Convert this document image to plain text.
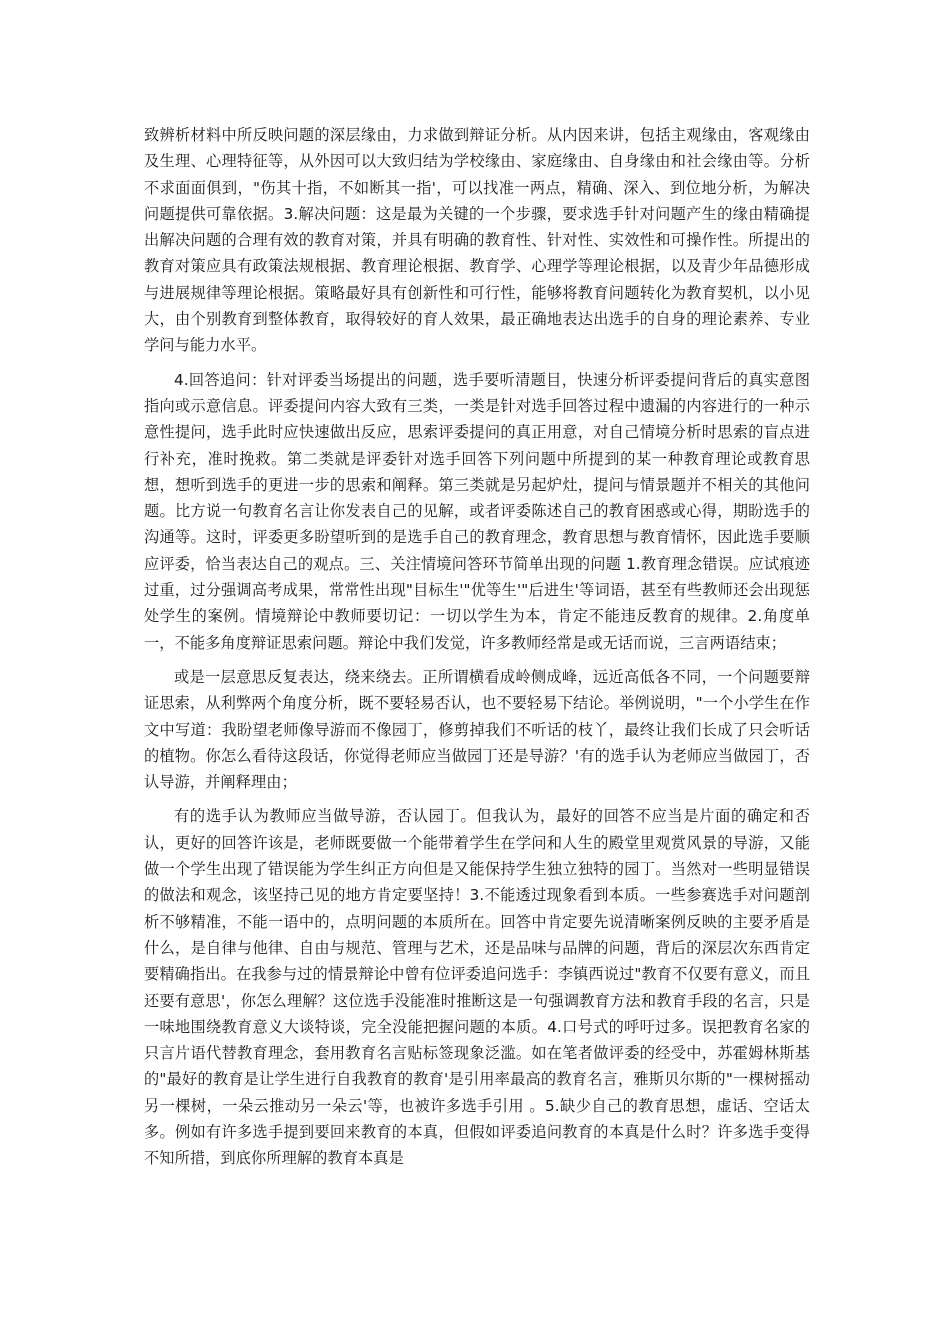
致辨析材料中所反映问题的深层缘由，力求做到辩证分析。从内因来讲，包括主观缘由，客观缘由及生理、心理特征等，从外因可以大致归结为学校缘由、家庭缘由、自身缘由和社会缘由等。分析不求面面俱到，"伤其十指，不如断其一指'，可以找准一两点，精确、深入、到位地分析，为解决问题提供可靠依据。3.解决问题：这是最为关键的一个步骤，要求选手针对问题产生的缘由精确提出解决问题的合理有效的教育对策，并具有明确的教育性、针对性、实效性和可操作性。所提出的教育对策应具有政策法规根据、教育理论根据、教育学、心理学等理论根据，以及青少年品德形成与进展规律等理论根据。策略最好具有创新性和可行性，能够将教育问题转化为教育契机，以小见大，由个别教育到整体教育，取得较好的育人效果，最正确地表达出选手的自身的理论素养、专业学问与能力水平。

4.回答追问：针对评委当场提出的问题，选手要听清题目，快速分析评委提问背后的真实意图指向或示意信息。评委提问内容大致有三类，一类是针对选手回答过程中遗漏的内容进行的一种示意性提问，选手此时应快速做出反应，思索评委提问的真正用意，对自己情境分析时思索的盲点进行补充，准时挽救。第二类就是评委针对选手回答下列问题中所提到的某一种教育理论或教育思想，想听到选手的更进一步的思索和阐释。第三类就是另起炉灶，提问与情景题并不相关的其他问题。比方说一句教育名言让你发表自己的见解，或者评委陈述自己的教育困惑或心得，期盼选手的沟通等。这时，评委更多盼望听到的是选手自己的教育理念，教育思想与教育情怀，因此选手要顺应评委，恰当表达自己的观点。三、关注情境问答环节简单出现的问题 1.教育理念错误。应试痕迹过重，过分强调高考成果，常常性出现"目标生'"优等生'"后进生'等词语，甚至有些教师还会出现惩处学生的案例。情境辩论中教师要切记：一切以学生为本，肯定不能违反教育的规律。2.角度单一，不能多角度辩证思索问题。辩论中我们发觉，许多教师经常是或无话而说，三言两语结束；

或是一层意思反复表达，绕来绕去。正所谓横看成岭侧成峰，远近高低各不同，一个问题要辩证思索，从利弊两个角度分析，既不要轻易否认，也不要轻易下结论。举例说明，"一个小学生在作文中写道：我盼望老师像导游而不像园丁，修剪掉我们不听话的枝丫，最终让我们长成了只会听话的植物。你怎么看待这段话，你觉得老师应当做园丁还是导游？'有的选手认为老师应当做园丁，否认导游，并阐释理由；

有的选手认为教师应当做导游，否认园丁。但我认为，最好的回答不应当是片面的确定和否认，更好的回答许该是，老师既要做一个能带着学生在学问和人生的殿堂里观赏风景的导游，又能做一个学生出现了错误能为学生纠正方向但是又能保持学生独立独特的园丁。当然对一些明显错误的做法和观念，该坚持己见的地方肯定要坚持！3.不能透过现象看到本质。一些参赛选手对问题剖析不够精准，不能一语中的，点明问题的本质所在。回答中肯定要先说清晰案例反映的主要矛盾是什么，是自律与他律、自由与规范、管理与艺术，还是品味与品牌的问题，背后的深层次东西肯定要精确指出。在我参与过的情景辩论中曾有位评委追问选手：李镇西说过"教育不仅要有意义，而且还要有意思'，你怎么理解？这位选手没能准时推断这是一句强调教育方法和教育手段的名言，只是一味地围绕教育意义大谈特谈，完全没能把握问题的本质。4.口号式的呼吁过多。误把教育名家的只言片语代替教育理念，套用教育名言贴标签现象泛滥。如在笔者做评委的经受中，苏霍姆林斯基的"最好的教育是让学生进行自我教育的教育'是引用率最高的教育名言，雅斯贝尔斯的"一棵树摇动另一棵树，一朵云推动另一朵云'等，也被许多选手引用 。5.缺少自己的教育思想，虚话、空话太多。例如有许多选手提到要回来教育的本真，但假如评委追问教育的本真是什么时？许多选手变得不知所措，到底你所理解的教育本真是
